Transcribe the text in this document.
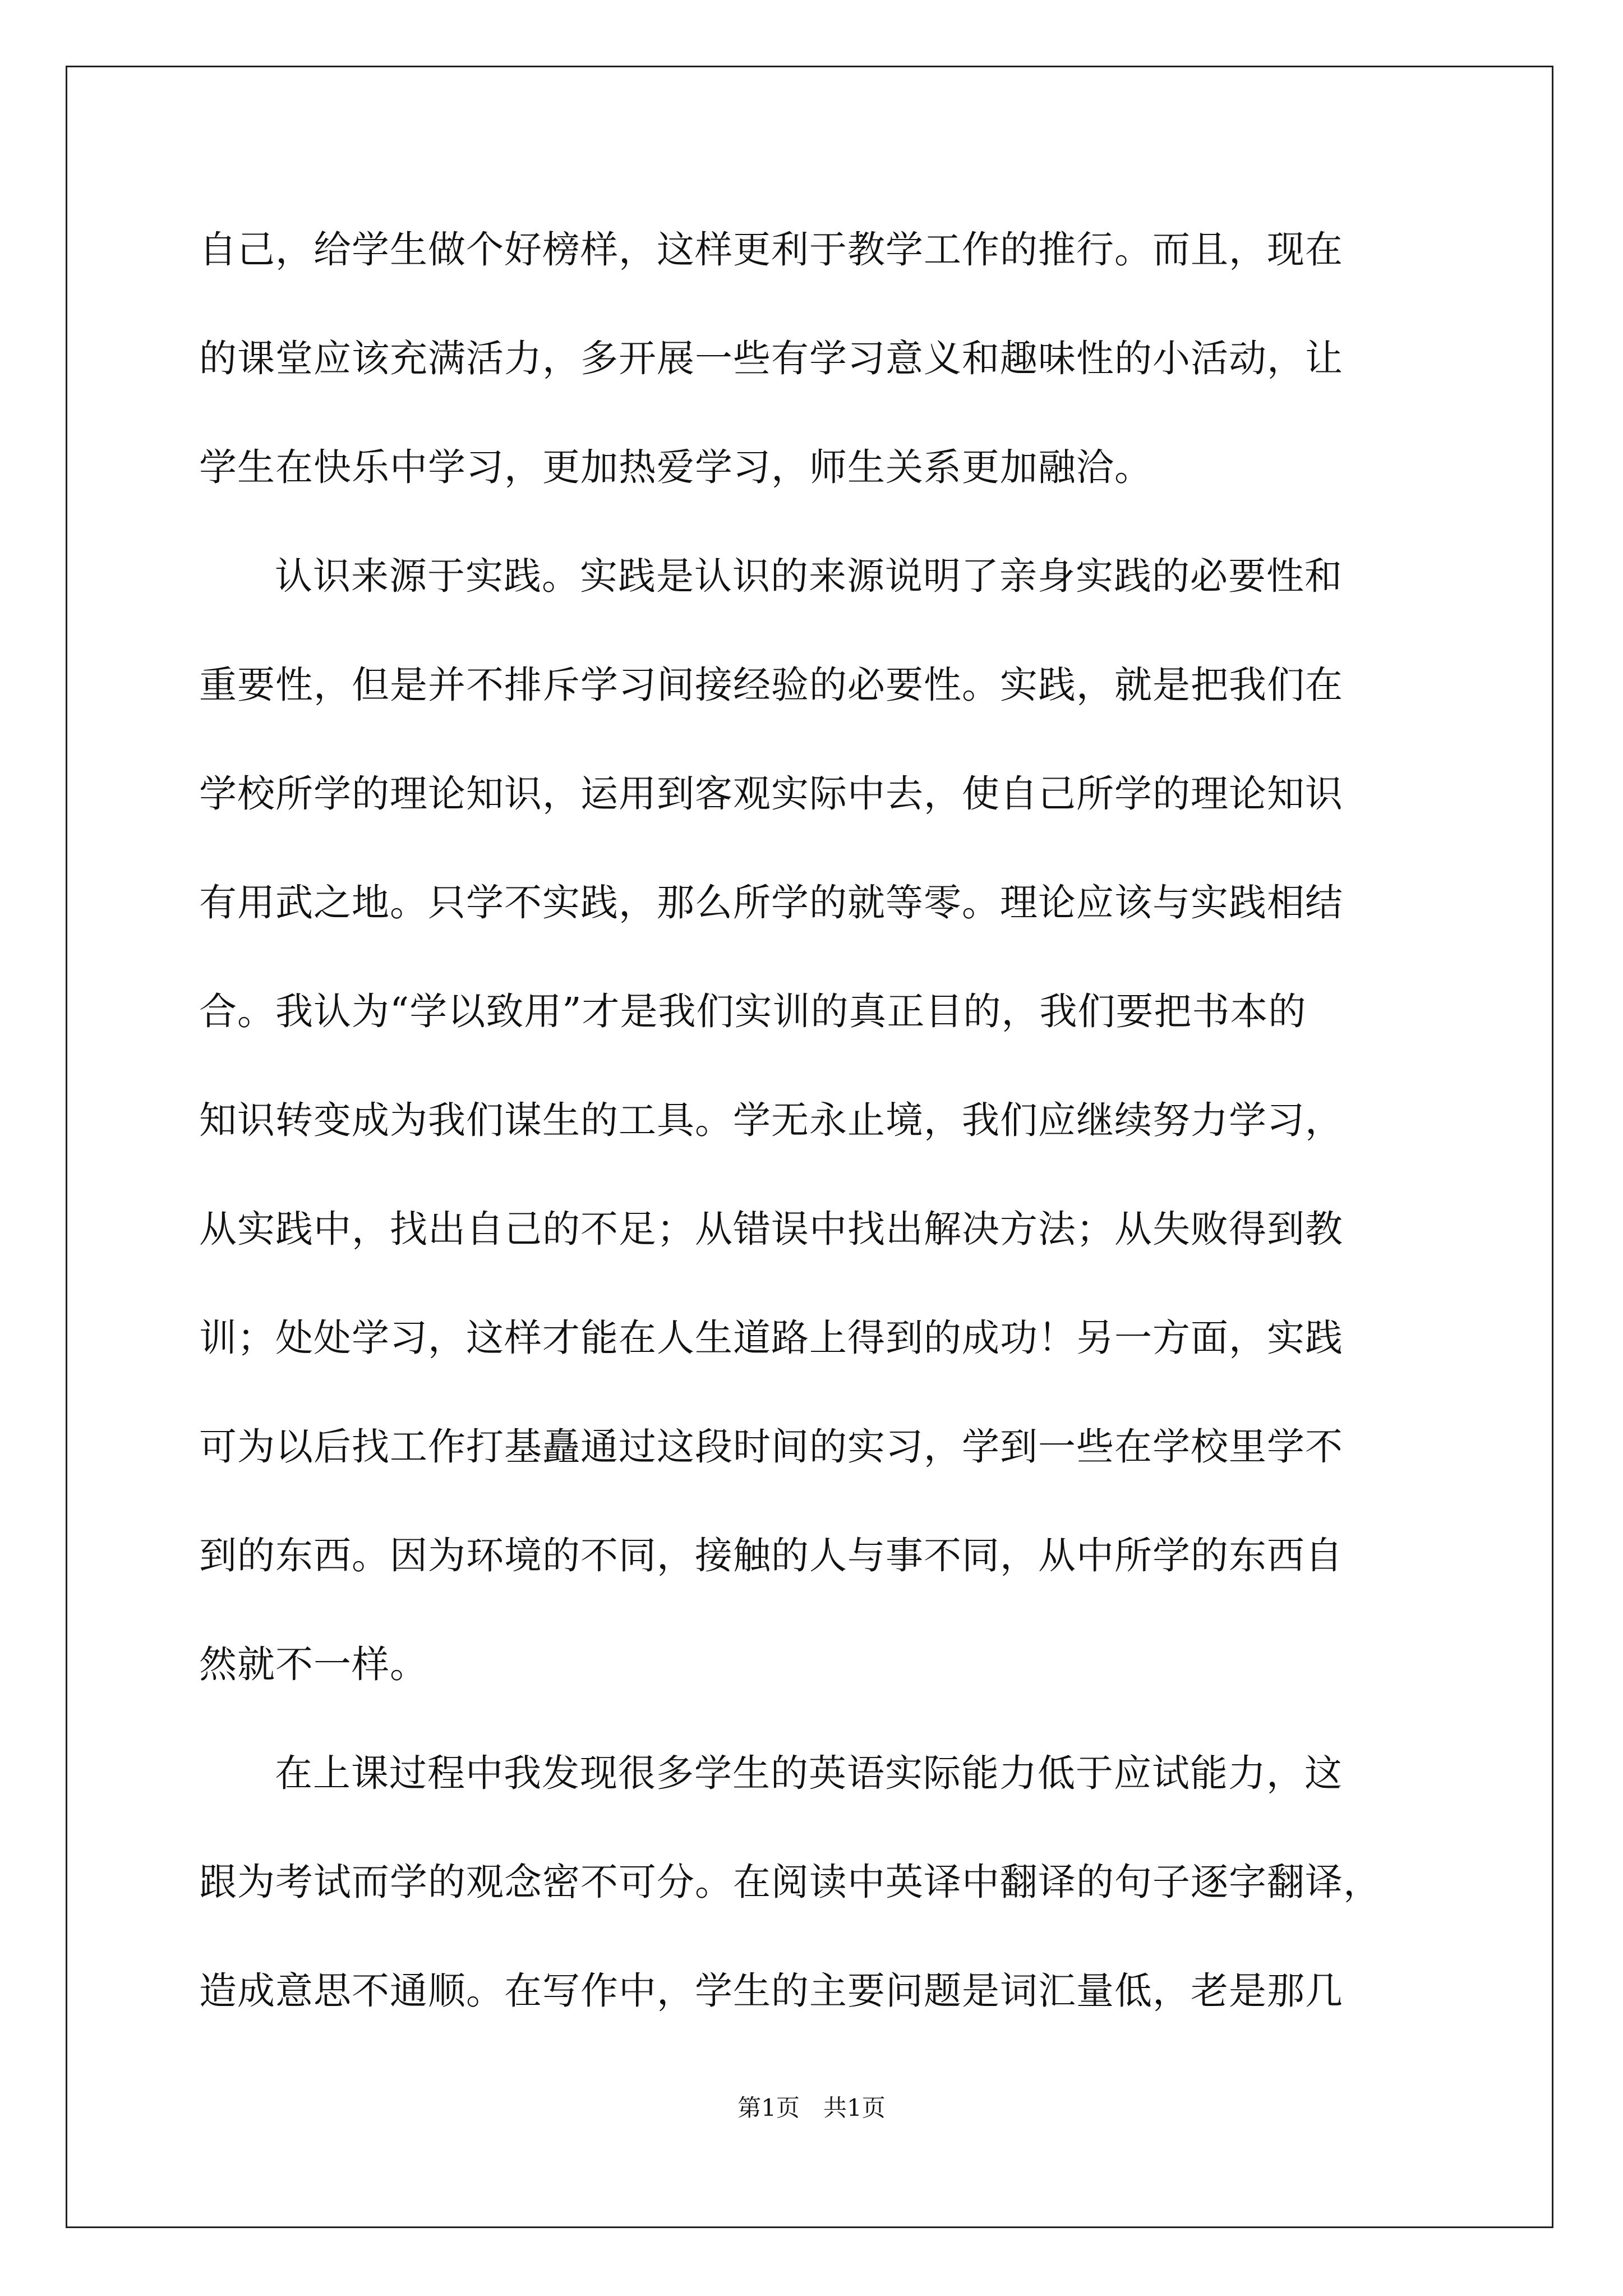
自己，给学生做个好榜样，这样更利于教学工作的推行。而且，现在
的课堂应该充满活力，多开展一些有学习意义和趣味性的小活动，让
学生在快乐中学习，更加热爱学习，师生关系更加融洽。
认识来源于实践。实践是认识的来源说明了亲身实践的必要性和
重要性，但是并不排斥学习间接经验的必要性。实践，就是把我们在
学校所学的理论知识，运用到客观实际中去，使自己所学的理论知识
有用武之地。只学不实践，那么所学的就等零。理论应该与实践相结
合。我认为“学以致用”才是我们实训的真正目的，我们要把书本的
知识转变成为我们谋生的工具。学无永止境，我们应继续努力学习，
从实践中，找出自己的不足；从错误中找出解决方法；从失败得到教
训；处处学习，这样才能在人生道路上得到的成功！另一方面，实践
可为以后找工作打基矗通过这段时间的实习，学到一些在学校里学不
到的东西。因为环境的不同，接触的人与事不同，从中所学的东西自
然就不一样。
在上课过程中我发现很多学生的英语实际能力低于应试能力，这
跟为考试而学的观念密不可分。在阅读中英译中翻译的句子逐字翻译，
造成意思不通顺。在写作中，学生的主要问题是词汇量低，老是那几
第1页　共1页
